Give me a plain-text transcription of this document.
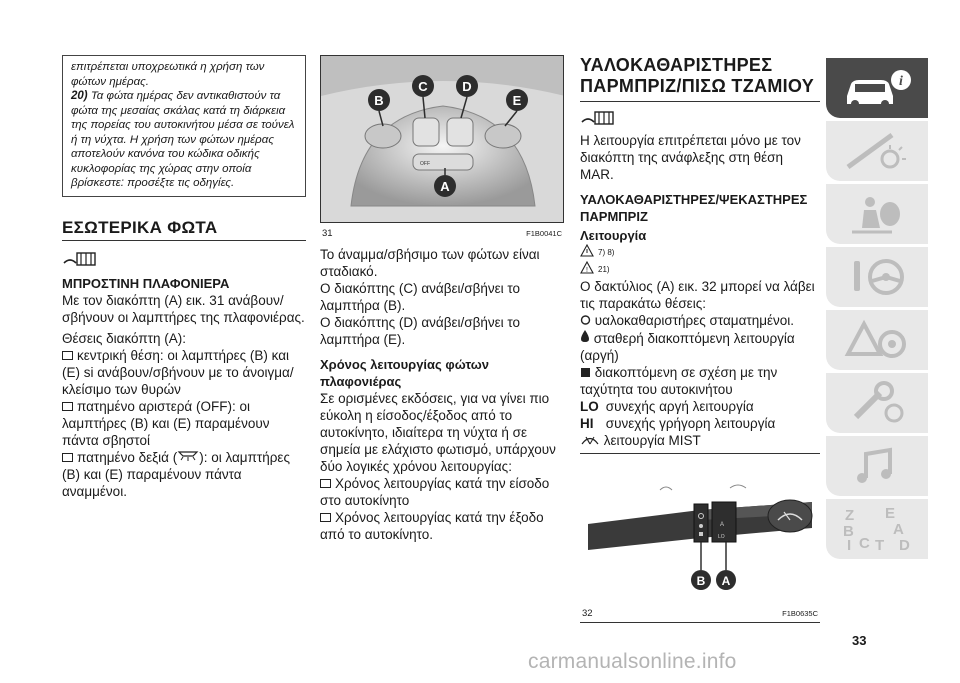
επιτρέπεται υποχρεωτικά η χρήση των φώτων ημέρας.

20) Τα φώτα ημέρας δεν αντικαθιστούν τα φώτα της μεσαίας σκάλας κατά τη διάρκεια της πορείας του αυτοκινήτου μέσα σε τούνελ ή τη νύχτα. Η χρήση των φώτων ημέρας αποτελούν κανόνα του κώδικα οδικής κυκλοφορίας της χώρας στην οποία βρίσκεστε: προσέξτε τις οδηγίες.

ΕΣΩΤΕΡΙΚΑ ΦΩΤΑ
ΜΠΡΟΣΤΙΝΗ ΠΛΑΦΟΝΙΕΡΑ

Με τον διακόπτη (A) εικ. 31 ανάβουν/σβήνουν οι λαμπτήρες της πλαφονιέρας.

Θέσεις διακόπτη (A):

κεντρική θέση: οι λαμπτήρες (B) και (E) si ανάβουν/σβήνουν με το άνοιγμα/κλείσιμο των θυρών

πατημένο αριστερά (OFF): οι λαμπτήρες (B) και (E) παραμένουν πάντα σβηστοί

πατημένο δεξιά ( ): οι λαμπτήρες (B) και (E) παραμένουν πάντα αναμμένοι.

B
C	D
E
A
OFF
31	F1B0041C

Το άναμμα/σβήσιμο των φώτων είναι σταδιακό.

Ο διακόπτης (C) ανάβει/σβήνει το λαμπτήρα (B).

Ο διακόπτης (D) ανάβει/σβήνει το λαμπτήρα (E).

Χρόνος λειτουργίας φώτων πλαφονιέρας

Σε ορισμένες εκδόσεις, για να γίνει πιο εύκολη η είσοδος/έξοδος από το αυτοκίνητο, ιδιαίτερα τη νύχτα ή σε σημεία με ελάχιστο φωτισμό, υπάρχουν δύο λογικές χρόνου λειτουργίας:

Χρόνος λειτουργίας κατά την είσοδο στο αυτοκίνητο

Χρόνος λειτουργίας κατά την έξοδο από το αυτοκίνητο.

ΥΑΛΟΚΑΘΑΡΙΣΤΗΡΕΣ ΠΑΡΜΠΡΙΖ/ΠΙΣΩ ΤΖΑΜΙΟΥ

Η λειτουργία επιτρέπεται μόνο με τον διακόπτη της ανάφλεξης στη θέση MAR.

ΥΑΛΟΚΑΘΑΡΙΣΤΗΡΕΣ/ΨΕΚΑΣΤΗΡΕΣ ΠΑΡΜΠΡΙΖ

Λειτουργία

7) 8)

! 21)

Ο δακτύλιος (A) εικ. 32 μπορεί να λάβει τις παρακάτω θέσεις:

υαλοκαθαριστήρες σταματημένοι.

σταθερή διακοπτόμενη λειτουργία (αργή)

διακοπτόμενη σε σχέση με την ταχύτητα του αυτοκινήτου

LO συνεχής αργή λειτουργία

HI συνεχής γρήγορη λειτουργία

λειτουργία MIST

A
LO
B A
32	F1B0635C
i
Z E
A
B
C D
T
I
33
carmanualsonline.info
